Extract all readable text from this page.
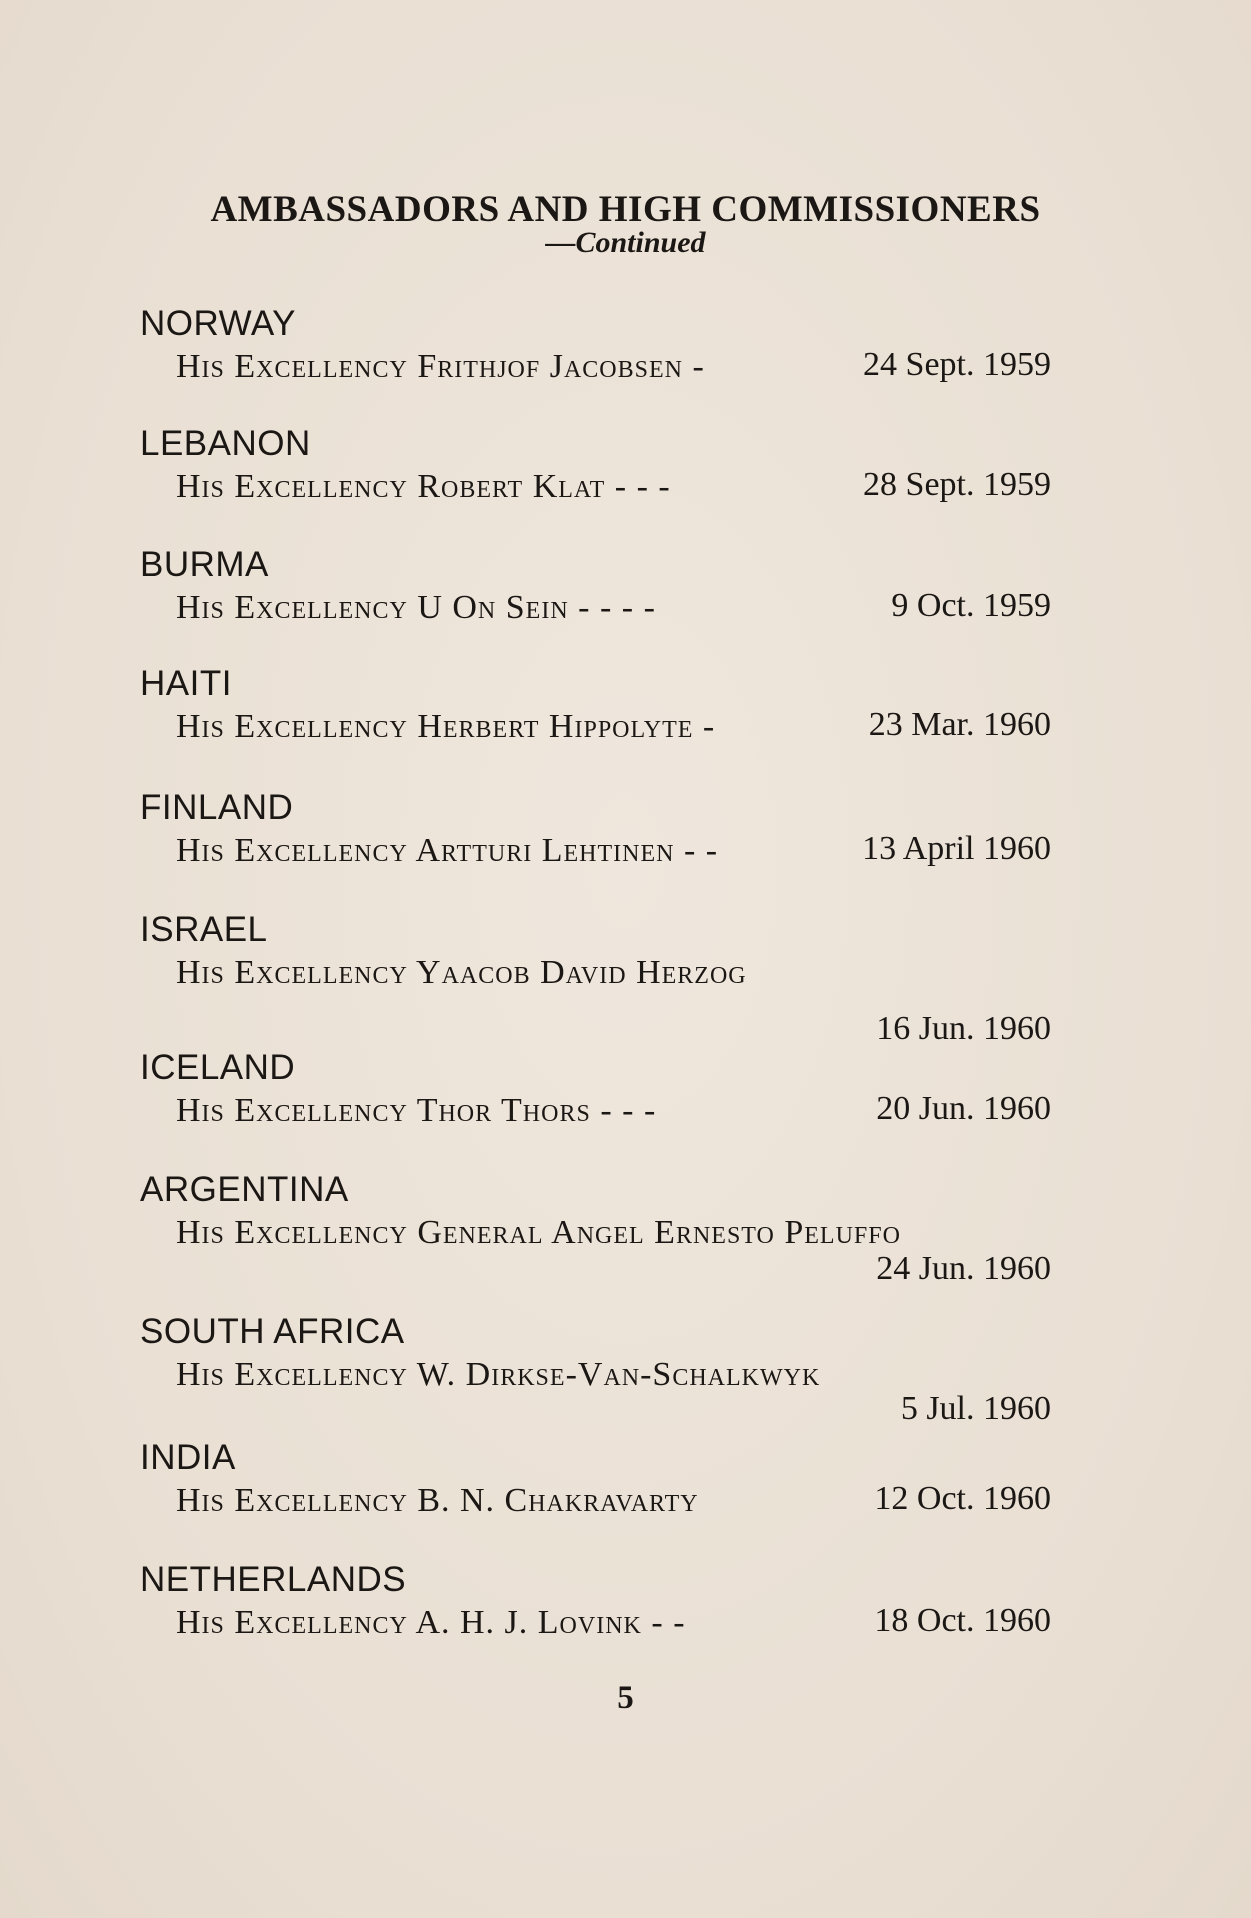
AMBASSADORS AND HIGH COMMISSIONERS
—Continued
NORWAY
His Excellency Frithjof Jacobsen -	24 Sept. 1959
LEBANON
His Excellency Robert Klat - - -	28 Sept. 1959
BURMA
His Excellency U On Sein - - - -	9 Oct. 1959
HAITI
His Excellency Herbert Hippolyte -	23 Mar. 1960
FINLAND
His Excellency Artturi Lehtinen - -	13 April 1960
ISRAEL
His Excellency Yaacob David Herzog
16 Jun. 1960
ICELAND
His Excellency Thor Thors - - -	20 Jun. 1960
ARGENTINA
His Excellency General Angel Ernesto Peluffo
24 Jun. 1960
SOUTH AFRICA
His Excellency W. Dirkse-Van-Schalkwyk
5 Jul. 1960
INDIA
His Excellency B. N. Chakravarty	12 Oct. 1960
NETHERLANDS
His Excellency A. H. J. Lovink - -	18 Oct. 1960
5
